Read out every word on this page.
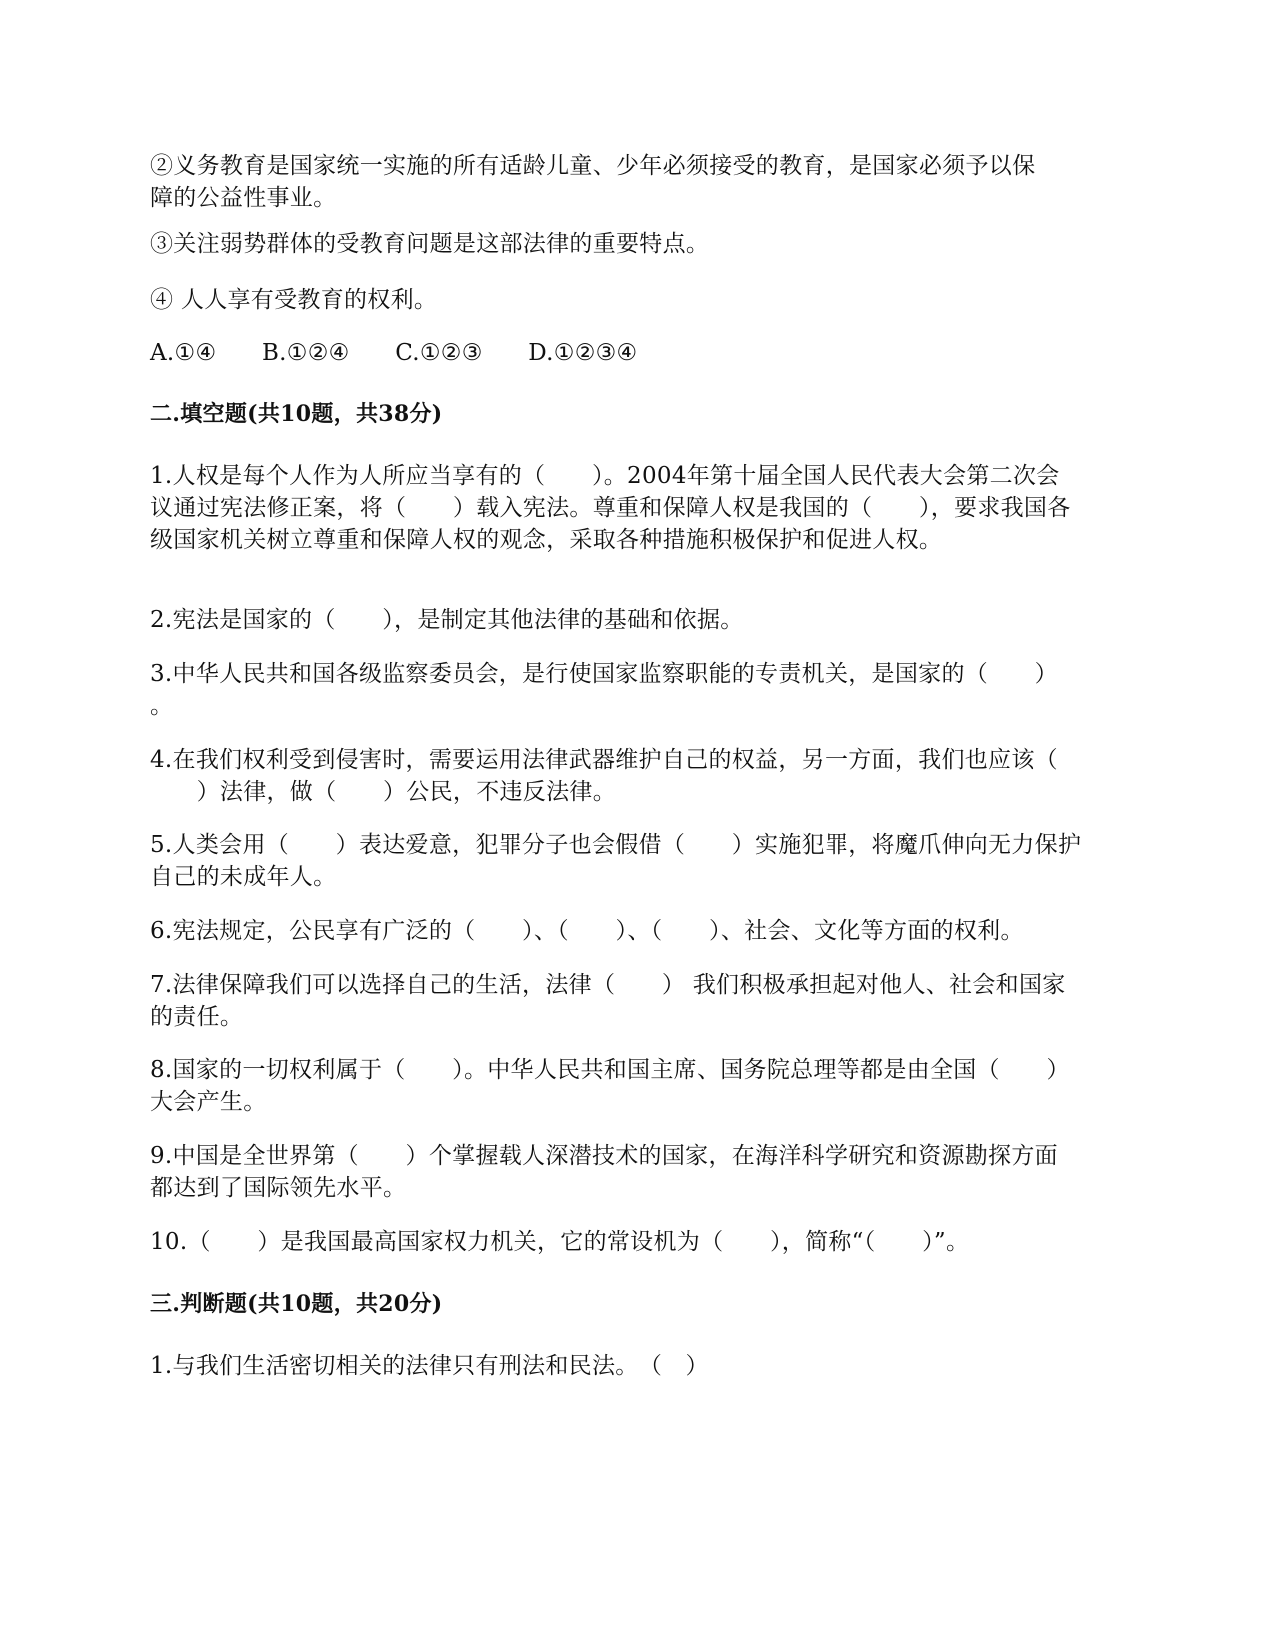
②义务教育是国家统一实施的所有适龄儿童、少年必须接受的教育，是国家必须予以保
障的公益性事业。
③关注弱势群体的受教育问题是这部法律的重要特点。
④ 人人享有受教育的权利。
A.①④ B.①②④ C.①②③ D.①②③④
二.填空题(共10题，共38分)
1.人权是每个人作为人所应当享有的（　　）。2004年第十届全国人民代表大会第二次会
议通过宪法修正案，将（　　）载入宪法。尊重和保障人权是我国的（　　），要求我国各
级国家机关树立尊重和保障人权的观念，采取各种措施积极保护和促进人权。
2.宪法是国家的（　　），是制定其他法律的基础和依据。
3.中华人民共和国各级监察委员会，是行使国家监察职能的专责机关，是国家的（　　）
。
4.在我们权利受到侵害时，需要运用法律武器维护自己的权益，另一方面，我们也应该（
　　）法律，做（　　）公民，不违反法律。
5.人类会用（　　）表达爱意，犯罪分子也会假借（　　）实施犯罪，将魔爪伸向无力保护
自己的未成年人。
6.宪法规定，公民享有广泛的（　　）、（　　）、（　　）、社会、文化等方面的权利。
7.法律保障我们可以选择自己的生活，法律（　　） 我们积极承担起对他人、社会和国家
的责任。
8.国家的一切权利属于（　　）。中华人民共和国主席、国务院总理等都是由全国（　　）
大会产生。
9.中国是全世界第（　　）个掌握载人深潜技术的国家，在海洋科学研究和资源勘探方面
都达到了国际领先水平。
10.（　　）是我国最高国家权力机关，它的常设机为（　　），简称“（　　）”。
三.判断题(共10题，共20分)
1.与我们生活密切相关的法律只有刑法和民法。　（　）
